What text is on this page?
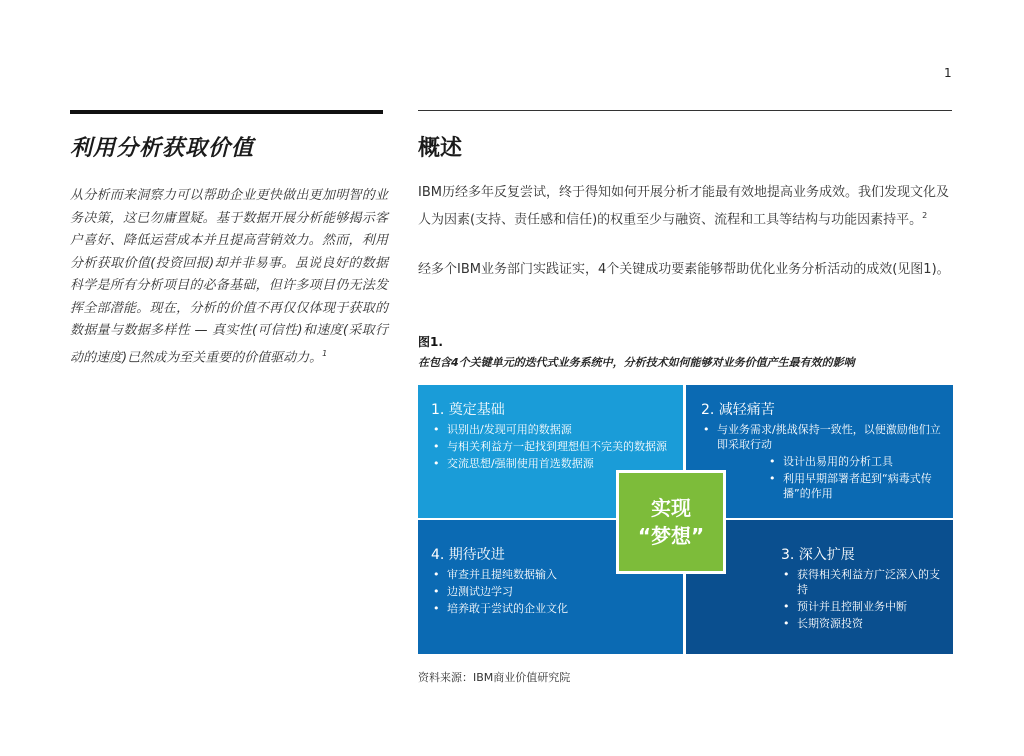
1
利用分析获取价值
从分析而来洞察力可以帮助企业更快做出更加明智的业务决策，这已勿庸置疑。基于数据开展分析能够揭示客户喜好、降低运营成本并且提高营销效力。然而，利用分析获取价值(投资回报)却并非易事。虽说良好的数据科学是所有分析项目的必备基础，但许多项目仍无法发挥全部潜能。现在，分析的价值不再仅仅体现于获取的数据量与数据多样性 — 真实性(可信性)和速度(采取行动的速度)已然成为至关重要的价值驱动力。$^1$
概述
IBM历经多年反复尝试，终于得知如何开展分析才能最有效地提高业务成效。我们发现文化及人为因素(支持、责任感和信任)的权重至少与融资、流程和工具等结构与功能因素持平。$^2$
经多个IBM业务部门实践证实，4个关键成功要素能够帮助优化业务分析活动的成效(见图1)。
图1.
在包含4个关键单元的迭代式业务系统中，分析技术如何能够对业务价值产生最有效的影响
1. 奠定基础
• 识别出/发现可用的数据源
• 与相关利益方一起找到理想但不完美的数据源
• 交流思想/强制使用首选数据源
2. 减轻痛苦
• 与业务需求/挑战保持一致性，以便激励他们立即采取行动
• 设计出易用的分析工具
• 利用早期部署者起到“病毒式传播”的作用
4. 期待改进
• 审查并且提纯数据输入
• 边测试边学习
• 培养敢于尝试的企业文化
3. 深入扩展
• 获得相关利益方广泛深入的支持
• 预计并且控制业务中断
• 长期资源投资
实现
“梦想”
资料来源：IBM商业价值研究院
